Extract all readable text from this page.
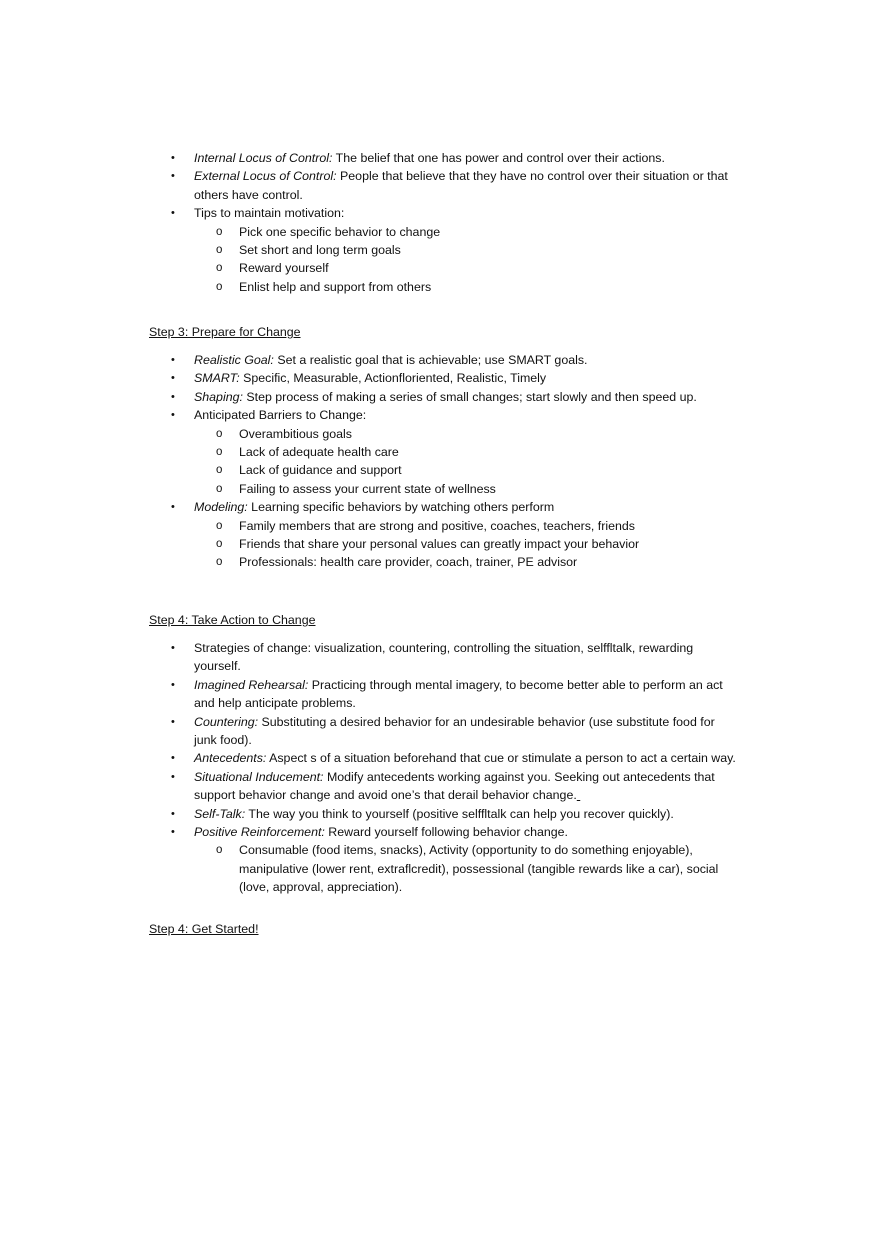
• Internal Locus of Control: The belief that one has power and control over their actions.
• External Locus of Control: People that believe that they have no control over their situation or that others have control.
• Tips to maintain motivation:
o Pick one specific behavior to change
o Set short and long term goals
o Reward yourself
o Enlist help and support from others

Step 3: Prepare for Change

• Realistic Goal: Set a realistic goal that is achievable; use SMART goals.
• SMART: Specific, Measurable, Actionfloriented, Realistic, Timely
• Shaping: Step process of making a series of small changes; start slowly and then speed up.
• Anticipated Barriers to Change:
o Overambitious goals
o Lack of adequate health care
o Lack of guidance and support
o Failing to assess your current state of wellness
• Modeling: Learning specific behaviors by watching others perform
o Family members that are strong and positive, coaches, teachers, friends
o Friends that share your personal values can greatly impact your behavior
o Professionals: health care provider, coach, trainer, PE advisor

Step 4: Take Action to Change

• Strategies of change: visualization, countering, controlling the situation, selffltalk, rewarding yourself.
• Imagined Rehearsal: Practicing through mental imagery, to become better able to perform an act and help anticipate problems.
• Countering: Substituting a desired behavior for an undesirable behavior (use substitute food for junk food).
• Antecedents: Aspect s of a situation beforehand that cue or stimulate a person to act a certain way.
• Situational Inducement: Modify antecedents working against you. Seeking out antecedents that support behavior change and avoid one’s that derail behavior change.
• Self-Talk: The way you think to yourself (positive selffltalk can help you recover quickly).
• Positive Reinforcement: Reward yourself following behavior change.
o Consumable (food items, snacks), Activity (opportunity to do something enjoyable), manipulative (lower rent, extraflcredit), possessional (tangible rewards like a car), social (love, approval, appreciation).

Step 4: Get Started!
